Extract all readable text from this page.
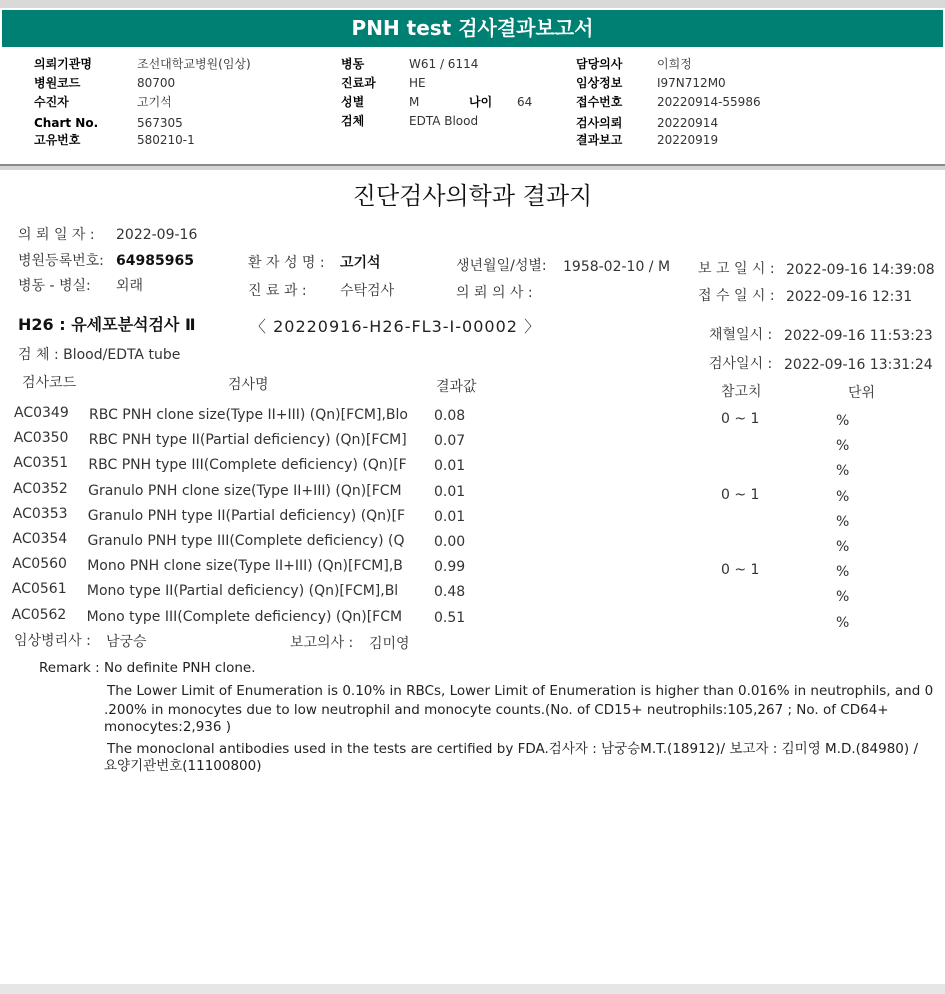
PNH test 검사결과보고서
의뢰기관명	조선대학교병원(임상)
병원코드	80700
수진자	고기석
Chart No.	567305
고유번호	580210-1
병동	W61 / 6114
진료과	HE
성별	M	나이 64
검체	EDTA Blood
담당의사	이희정
임상정보	I97N712M0
접수번호	20220914-55986
검사의뢰	20220914
결과보고	20220919
진단검사의학과 결과지
의 뢰 일 자 : 2022-09-16
병원등록번호: 64985965	환 자 성 명 : 고기석	생년월일/성별: 1958-02-10 / M 보 고 일 시 : 2022-09-16 14:39:08
병동 - 병실: 외래	진 료 과 : 수탁검사	의 뢰 의 사 :	접 수 일 시 : 2022-09-16 12:31
H26 : 유세포분석검사 Ⅱ	〈 20220916-H26-FL3-I-00002 〉	채혈일시 : 2022-09-16 11:53:23
검 체 : Blood/EDTA tube
검사일시 : 2022-09-16 13:31:24
검사코드	검사명	결과값	참고치	단위
AC0349 RBC PNH clone size(Type II+III) (Qn)[FCM],Blo 0.08	0 ~ 1	%
AC0350 RBC PNH type II(Partial deficiency) (Qn)[FCM] 0.07	%
AC0351 RBC PNH type III(Complete deficiency) (Qn)[F 0.01	%
AC0352 Granulo PNH clone size(Type II+III) (Qn)[FCM 0.01	0 ~ 1	%
AC0353 Granulo PNH type II(Partial deficiency) (Qn)[F 0.01	%
AC0354 Granulo PNH type III(Complete deficiency) (Q 0.00	%
AC0560 Mono PNH clone size(Type II+III) (Qn)[FCM],B 0.99	0 ~ 1	%
AC0561 Mono type II(Partial deficiency) (Qn)[FCM],Bl	0.48	%
AC0562 Mono type III(Complete deficiency) (Qn)[FCM 0.51	%
임상병리사 : 남궁승	보고의사 : 김미영
Remark : No definite PNH clone.
The Lower Limit of Enumeration is 0.10% in RBCs, Lower Limit of Enumeration is higher than 0.016% in neutrophils, and 0
.200% in monocytes due to low neutrophil and monocyte counts.(No. of CD15+ neutrophils:105,267 ; No. of CD64+
monocytes:2,936 )
The monoclonal antibodies used in the tests are certified by FDA.검사자 : 남궁승M.T.(18912)/ 보고자 : 김미영 M.D.(84980) /
요양기관번호(11100800)
